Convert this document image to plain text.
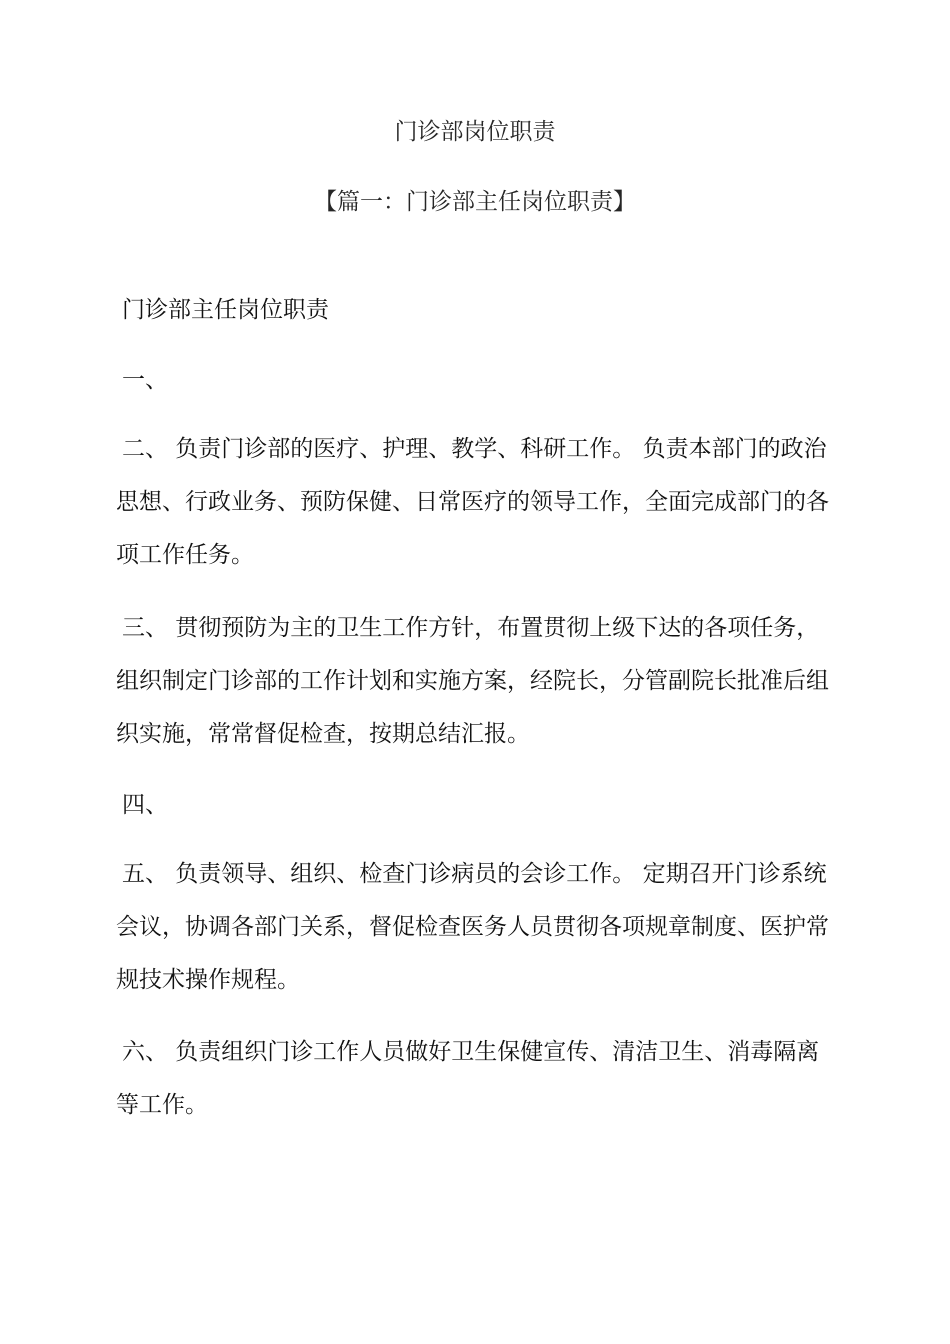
门诊部岗位职责
【篇一：门诊部主任岗位职责】

门诊部主任岗位职责

一、

二、 负责门诊部的医疗、护理、教学、科研工作。 负责本部门的政治思想、行政业务、预防保健、日常医疗的领导工作，全面完成部门的各项工作任务。

三、 贯彻预防为主的卫生工作方针，布置贯彻上级下达的各项任务，组织制定门诊部的工作计划和实施方案，经院长，分管副院长批准后组织实施，常常督促检查，按期总结汇报。

四、

五、 负责领导、组织、检查门诊病员的会诊工作。 定期召开门诊系统会议，协调各部门关系，督促检查医务人员贯彻各项规章制度、医护常规技术操作规程。

六、 负责组织门诊工作人员做好卫生保健宣传、清洁卫生、消毒隔离等工作。
